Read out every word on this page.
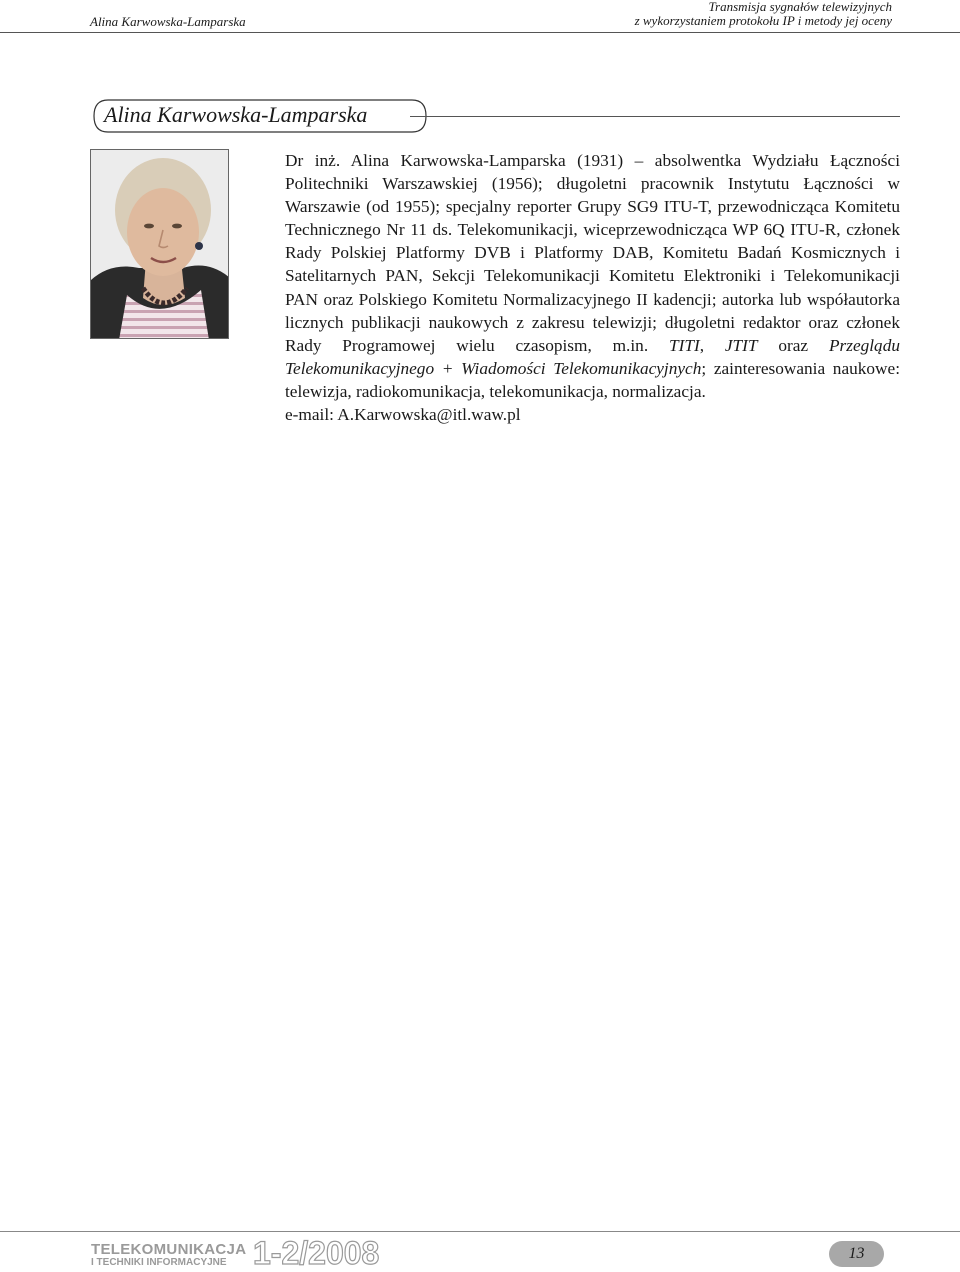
Alina Karwowska-Lamparska
Transmisja sygnałów telewizyjnych
z wykorzystaniem protokołu IP i metody jej oceny
Alina Karwowska-Lamparska

Dr inż. Alina Karwowska-Lamparska (1931) – absolwentka Wydziału Łączności Politechniki Warszawskiej (1956); długoletni pracownik Instytutu Łączności w Warszawie (od 1955); specjalny reporter Grupy SG9 ITU-T, przewodnicząca Komitetu Technicznego Nr 11 ds. Telekomunikacji, wiceprzewodnicząca WP 6Q ITU-R, członek Rady Polskiej Platformy DVB i Platformy DAB, Komitetu Badań Kosmicznych i Satelitarnych PAN, Sekcji Telekomunikacji Komitetu Elektroniki i Telekomunikacji PAN oraz Polskiego Komitetu Normalizacyjnego II kadencji; autorka lub współautorka licznych publikacji naukowych z zakresu telewizji; długoletni redaktor oraz członek Rady Programowej wielu czasopism, m.in. TITI, JTIT oraz Przeglądu Telekomunikacyjnego + Wiadomości Telekomunikacyjnych; zainteresowania naukowe: telewizja, radiokomunikacja, telekomunikacja, normalizacja.
e-mail: A.Karwowska@itl.waw.pl

TELEKOMUNIKACJA
I TECHNIKI INFORMACYJNE 1-2/2008	13
